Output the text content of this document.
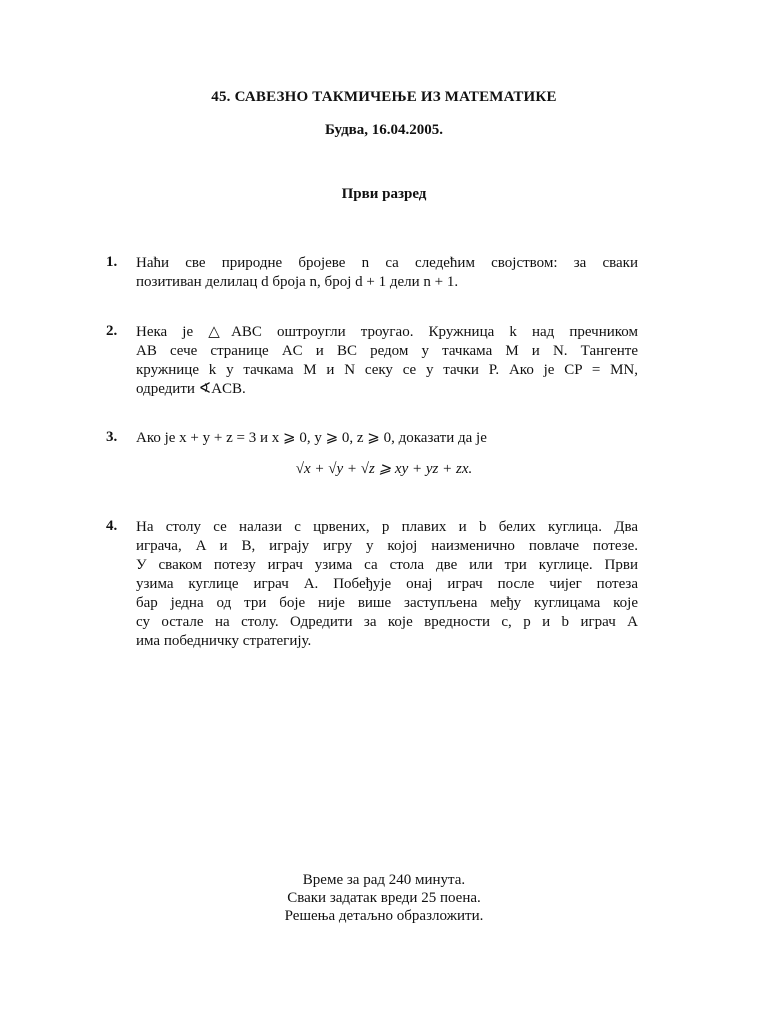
45. САВЕЗНО ТАКМИЧЕЊЕ ИЗ МАТЕМАТИКЕ
Будва, 16.04.2005.
Први разред
1. Наћи све природне бројеве n са следећим својством: за сваки
позитиван делилац d броја n, број d + 1 дели n + 1.
2. Нека је △ABC оштроугли троугао. Кружница k над пречником
AB сече странице AC и BC редом у тачкама M и N. Тангенте
кружнице k у тачкама M и N секу се у тачки P. Ако је CP = MN,
одредити ∢ACB.
3. Ако је x + y + z = 3 и x ⩾ 0, y ⩾ 0, z ⩾ 0, доказати да је
√x + √y + √z ⩾ xy + yz + zx.
4. На столу се налази c црвених, p плавих и b белих куглица. Два
играча, A и B, играју игру у којој наизменично повлаче потезе.
У сваком потезу играч узима са стола две или три куглице. Први
узима куглице играч A. Побеђује онај играч после чијег потеза
бар једна од три боје није више заступљена међу куглицама које
су остале на столу. Одредити за које вредности c, p и b играч A
има победничку стратегију.
Време за рад 240 минута.
Сваки задатак вреди 25 поена.
Решења детаљно образложити.
